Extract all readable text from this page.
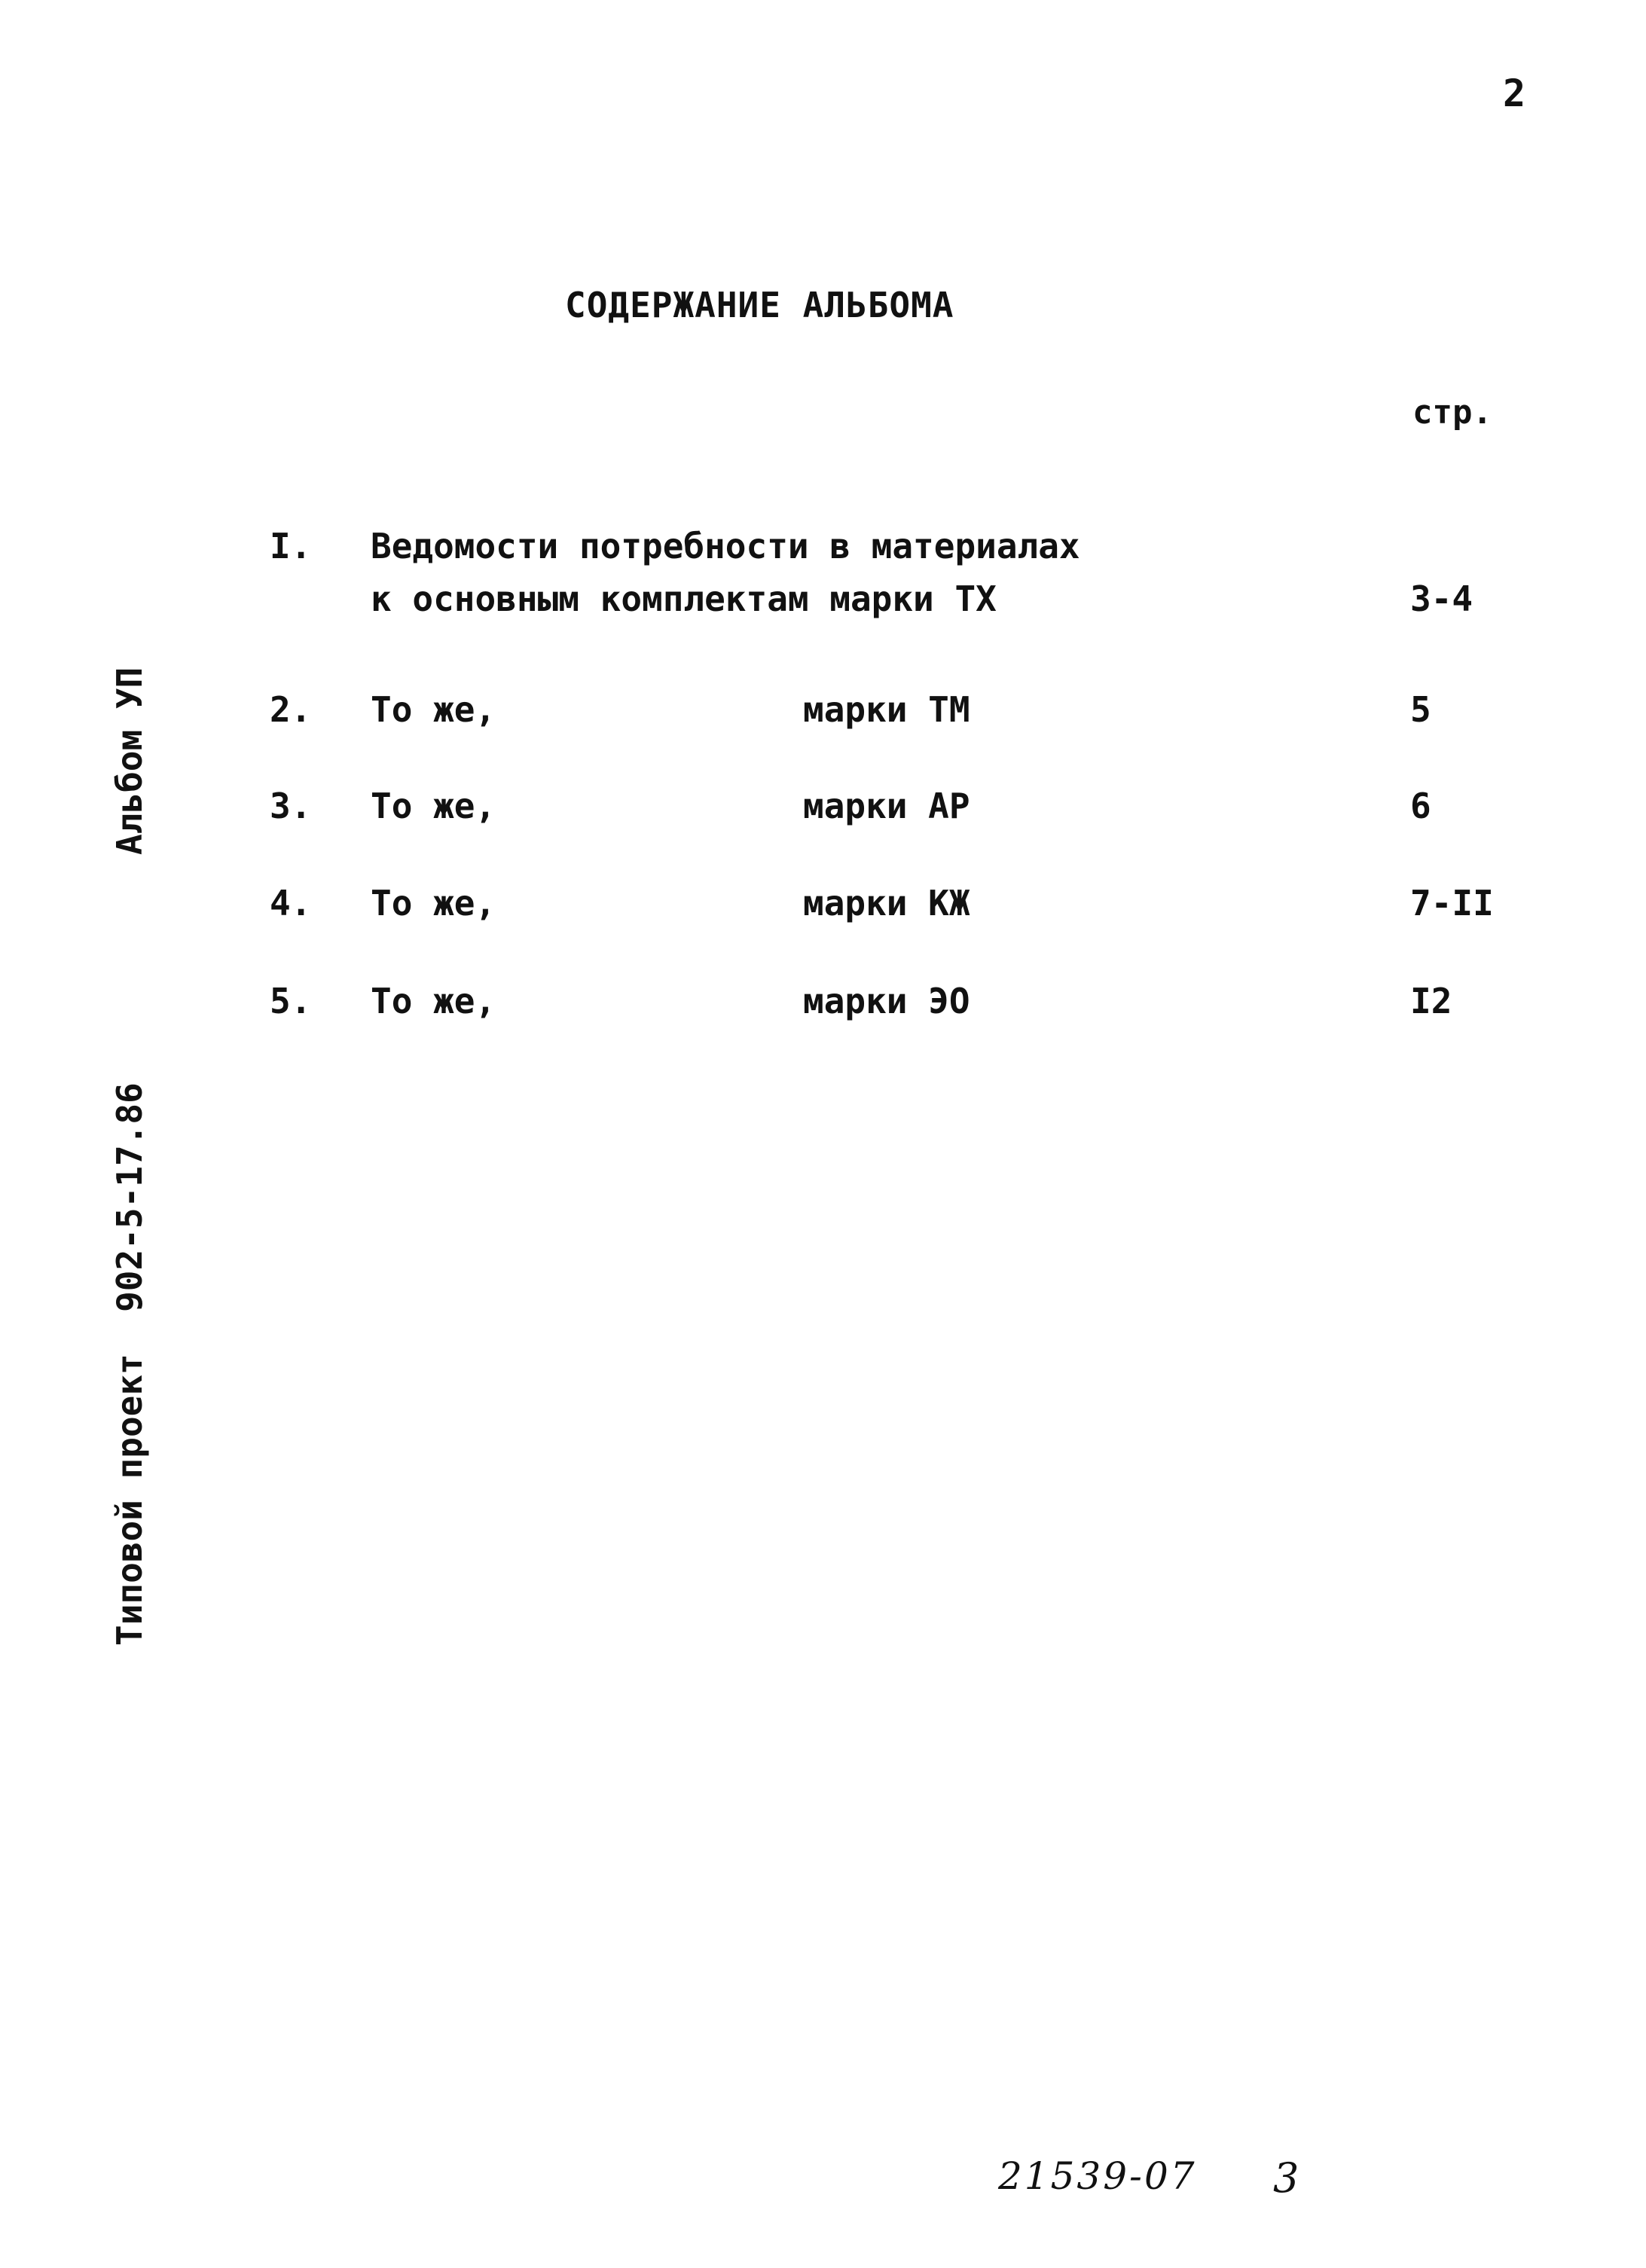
2
СОДЕРЖАНИЕ АЛЬБОМА
стр.
I. Ведомости потребности в материалах
к основным комплектам марки ТХ	3-4
2. То же,	марки ТМ	5
3. То же,	марки АР	6
4. То же,	марки КЖ	7-II
5. То же,	марки ЭО	I2

Типовой проект  902-5-17.86

Альбом УП

21539-07 3
